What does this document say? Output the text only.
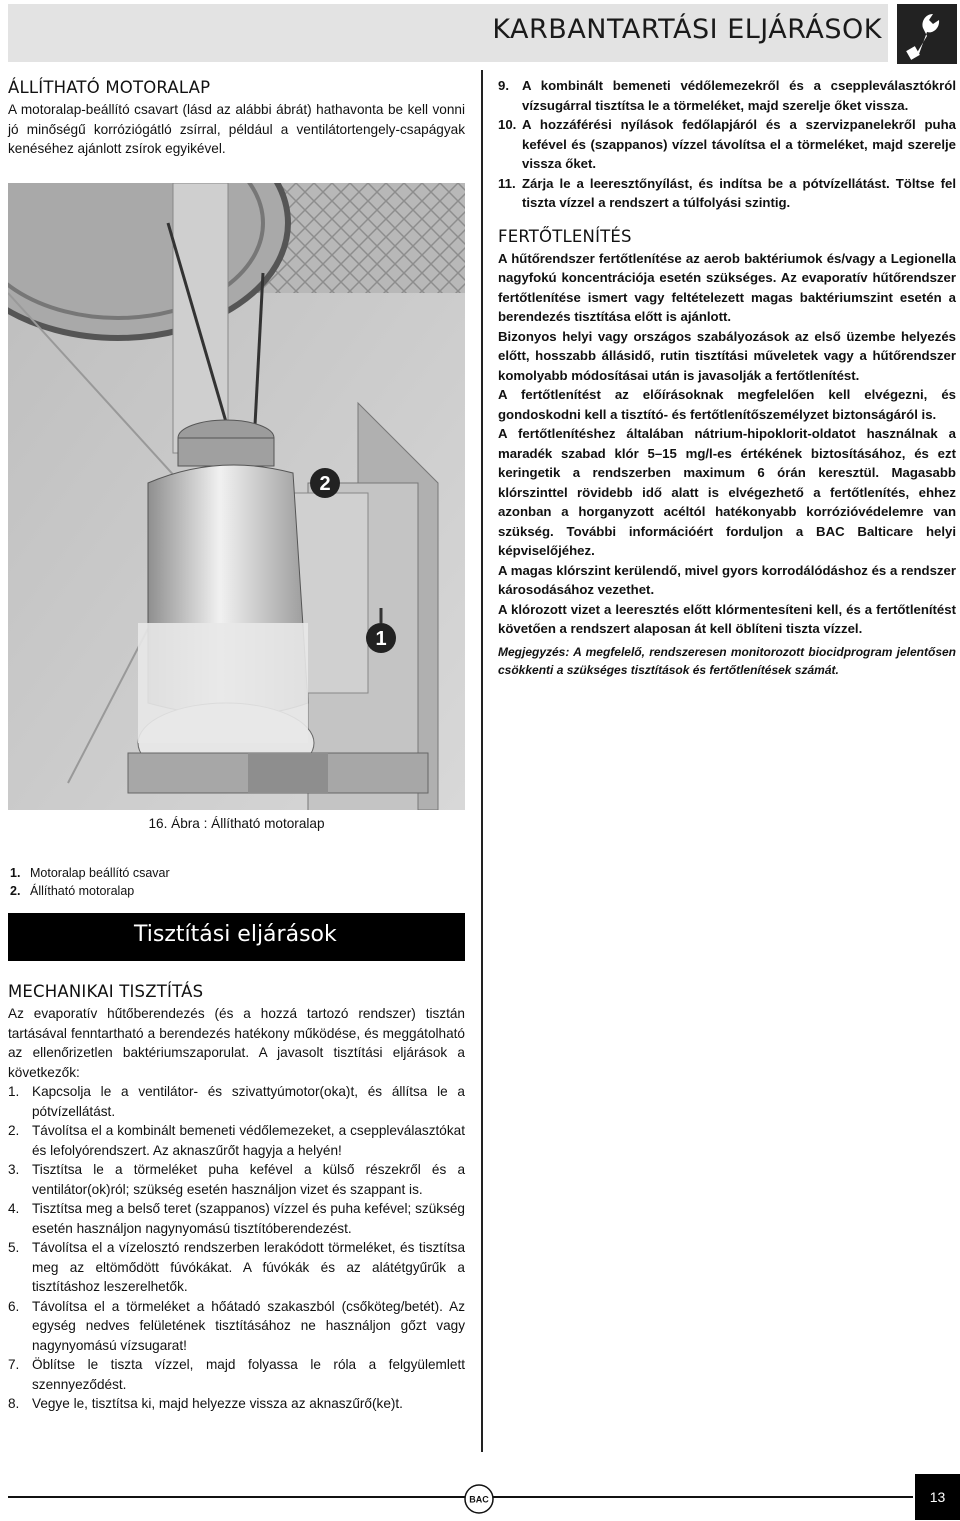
KARBANTARTÁSI ELJÁRÁSOK
ÁLLÍTHATÓ MOTORALAP

A motoralap-beállító csavart (lásd az alábbi ábrát) hathavonta be kell vonni jó minőségű korróziógátló zsírral, például a ventilátortengely-csapágyak kenéséhez ajánlott zsírok egyikével.

2
1
16. Ábra : Állítható motoralap
1. Motoralap beállító csavar
2. Állítható motoralap
Tisztítási eljárások
MECHANIKAI TISZTÍTÁS

Az evaporatív hűtőberendezés (és a hozzá tartozó rendszer) tisztán tartásával fenntartható a berendezés hatékony működése, és meggátolható az ellenőrizetlen baktériumszaporulat. A javasolt tisztítási eljárások a következők:

1. Kapcsolja le a ventilátor- és szivattyúmotor(oka)t, és állítsa le a pótvízellátást.
2. Távolítsa el a kombinált bemeneti védőlemezeket, a cseppleválasztókat és lefolyórendszert. Az aknaszűrőt hagyja a helyén!
3. Tisztítsa le a törmeléket puha kefével a külső részekről és a ventilátor(ok)ról; szükség esetén használjon vizet és szappant is.
4. Tisztítsa meg a belső teret (szappanos) vízzel és puha kefével; szükség esetén használjon nagynyomású tisztítóberendezést.
5. Távolítsa el a vízelosztó rendszerben lerakódott törmeléket, és tisztítsa meg az eltömődött fúvókákat. A fúvókák és az alátétgyűrűk a tisztításhoz leszerelhetők.
6. Távolítsa el a törmeléket a hőátadó szakaszból (csőköteg/betét). Az egység nedves felületének tisztításához ne használjon gőzt vagy nagynyomású vízsugarat!
7. Öblítse le tiszta vízzel, majd folyassa le róla a felgyülemlett szennyeződést.
8. Vegye le, tisztítsa ki, majd helyezze vissza az aknaszűrő(ke)t.
9. A kombinált bemeneti védőlemezekről és a cseppleválasztókról vízsugárral tisztítsa le a törmeléket, majd szerelje őket vissza.
10. A hozzáférési nyílások fedőlapjáról és a szervizpanelekről puha kefével és (szappanos) vízzel távolítsa el a törmeléket, majd szerelje vissza őket.
11. Zárja le a leeresztőnyílást, és indítsa be a pótvízellátást. Töltse fel tiszta vízzel a rendszert a túlfolyási szintig.
FERTŐTLENÍTÉS

A hűtőrendszer fertőtlenítése az aerob baktériumok és/vagy a Legionella nagyfokú koncentrációja esetén szükséges. Az evaporatív hűtőrendszer fertőtlenítése ismert vagy feltételezett magas baktériumszint esetén a berendezés tisztítása előtt is ajánlott.

Bizonyos helyi vagy országos szabályozások az első üzembe helyezés előtt, hosszabb állásidő, rutin tisztítási műveletek vagy a hűtőrendszer komolyabb módosításai után is javasolják a fertőtlenítést.

A fertőtlenítést az előírásoknak megfelelően kell elvégezni, és gondoskodni kell a tisztító- és fertőtlenítőszemélyzet biztonságáról is.

A fertőtlenítéshez általában nátrium-hipoklorit-oldatot használnak a maradék szabad klór 5–15 mg/l-es értékének biztosításához, és ezt keringetik a rendszerben maximum 6 órán keresztül. Magasabb klórszinttel rövidebb idő alatt is elvégezhető a fertőtlenítés, ehhez azonban a horganyzott acéltól hatékonyabb korrózióvédelemre van szükség. További információért forduljon a BAC Balticare helyi képviselőjéhez.

A magas klórszint kerülendő, mivel gyors korrodálódáshoz és a rendszer károsodásához vezethet.

A klórozott vizet a leeresztés előtt klórmentesíteni kell, és a fertőtlenítést követően a rendszert alaposan át kell öblíteni tiszta vízzel.

Megjegyzés: A megfelelő, rendszeresen monitorozott biocidprogram jelentősen csökkenti a szükséges tisztítások és fertőtlenítések számát.

BAC	13
